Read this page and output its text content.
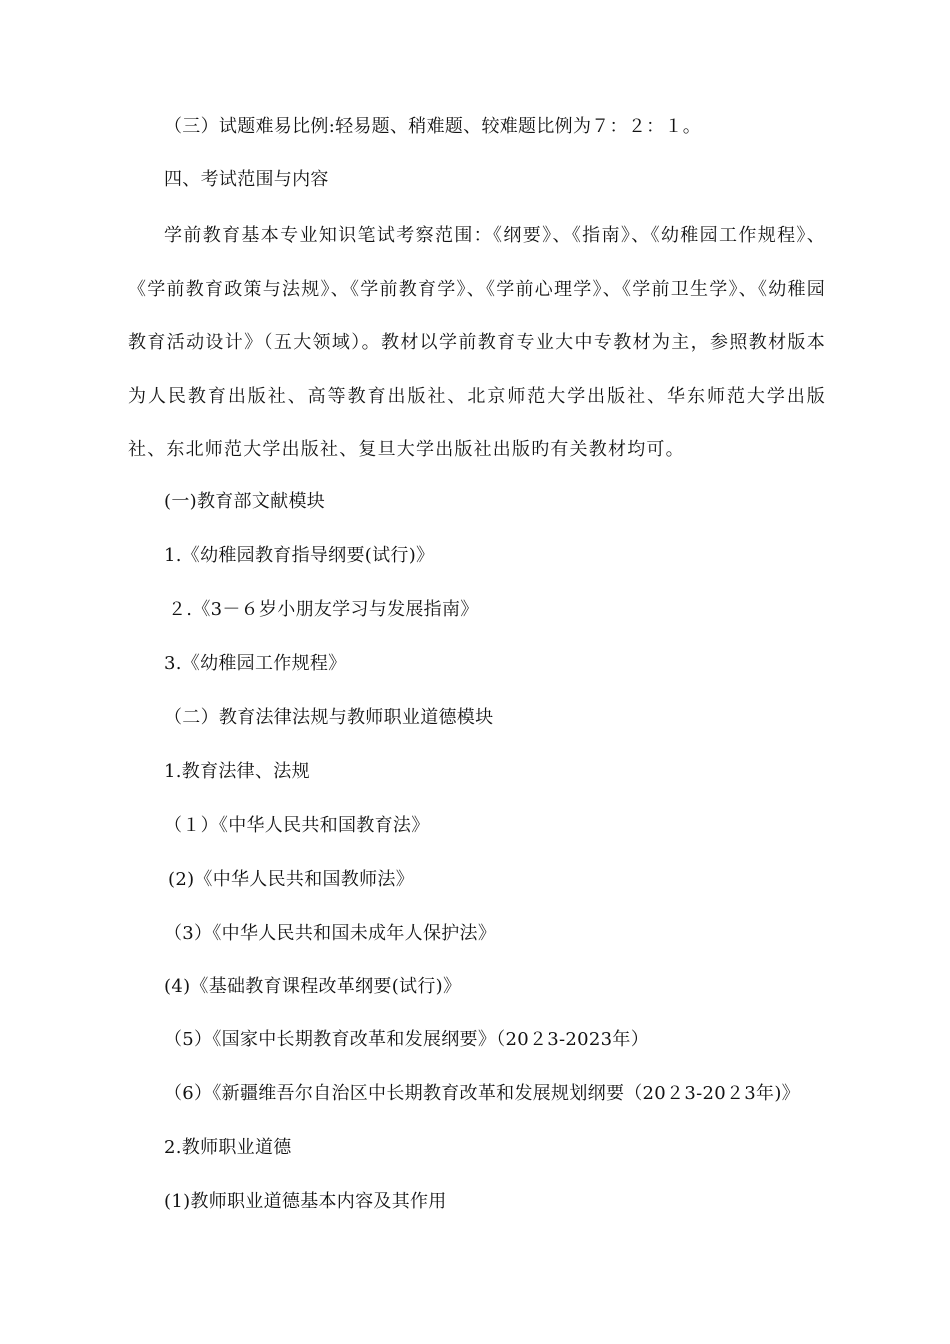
（三）试题难易比例:轻易题、稍难题、较难题比例为７：２：１。
四、考试范围与内容
学前教育基本专业知识笔试考察范围：《纲要》、《指南》、《幼稚园工作规程》、《学前教育政策与法规》、《学前教育学》、《学前心理学》、《学前卫生学》、《幼稚园教育活动设计》（五大领域）。教材以学前教育专业大中专教材为主，参照教材版本为人民教育出版社、高等教育出版社、北京师范大学出版社、华东师范大学出版社、东北师范大学出版社、复旦大学出版社出版旳有关教材均可。
(一)教育部文献模块
1.《幼稚园教育指导纲要(试行)》
２.《3－６岁小朋友学习与发展指南》
3.《幼稚园工作规程》
（二）教育法律法规与教师职业道德模块
1.教育法律、法规
（１）《中华人民共和国教育法》
(2)《中华人民共和国教师法》
（3）《中华人民共和国未成年人保护法》
(4)《基础教育课程改革纲要(试行)》
（5）《国家中长期教育改革和发展纲要》（20２3-2023年）
（6）《新疆维吾尔自治区中长期教育改革和发展规划纲要（20２3-20２3年)》
2.教师职业道德
(1)教师职业道德基本内容及其作用
